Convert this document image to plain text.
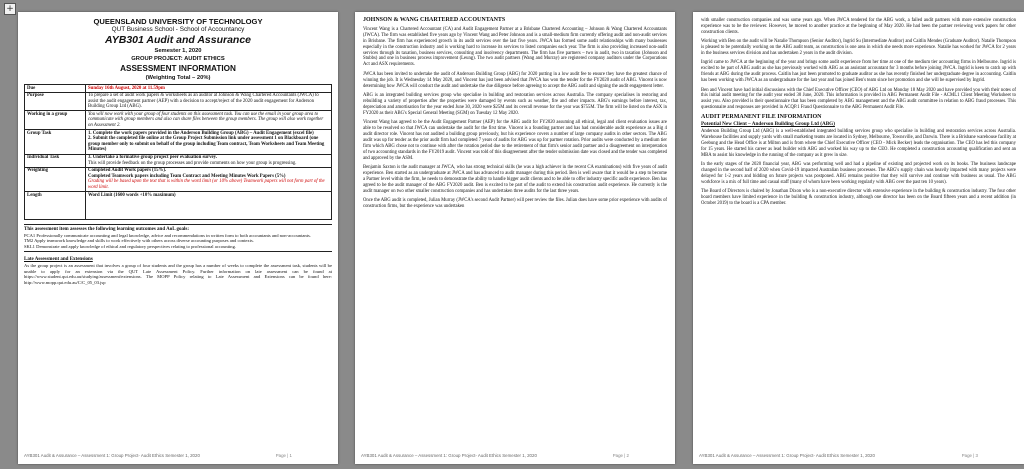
+
QUEENSLAND UNIVERSITY OF TECHNOLOGY
QUT Business School - School of Accountancy
AYB301 Audit and Assurance
Semester 1, 2020
GROUP PROJECT: AUDIT ETHICS
ASSESSMENT INFORMATION
(Weighting Total – 20%)
Due	Sunday 16th August, 2020 at 11.59pm
Purpose	To prepare a set of audit work papers & worksheets as an auditor at Johnson & Wang Chartered Accountants (JWCA) to assist the audit engagement partner (AEP) with a decision to accept/reject of the 2020 audit engagement for Anderson Building Group Ltd (ABG).
Working in a group	You will now work with your group of four students on this assessment task. You can use the email in your group area to communicate with group members and also can share files between the group members. The group will also work together on Assessment 2.
Group Task	1. Complete the work papers provided in the Anderson Building Group (ABG) – Audit Engagement (excel file)
2. Submit the completed file online at the Group Project Submission link under assessment 1 on Blackboard (one group member only to submit on behalf of the group including Team contract, Team Worksheets and Team Meeting Minutes)

Individual Task	3. Undertake a formative group project peer evaluation survey.
This will provide feedback on the group processes and provide comments on how your group is progressing.

Weighting	Completed Audit Work papers (15%).
Completed Teamwork papers including Team Contract and Meeting Minutes Work Papers (5%)
Grading will be based upon the text that is within the word limit (or 10% above) Teamwork papers will not form part of the word limit.

Length	Word Limit (1600 words +10% maximum)
This assessment item assesses the following learning outcomes and AoL goals:
PCA1 Professionally communicate accounting and legal knowledge, advice and recommendations in written form to both accountants and non-accountants.
TM2 Apply teamwork knowledge and skills to work effectively with others across diverse accounting purposes and contexts.
SKL1 Demonstrate and apply knowledge of ethical and regulatory perspectives relating to professional accounting.
Late Assessment and Extensions
As the group project is an assessment that involves a group of four students and the group has a number of weeks to complete the assessment task, students will be unable to apply for an extension via the QUT Late Assessment Policy. Further information on late assessment can be found at https://www.student.qut.edu.au/studying/assessment/extensions. The MOPP Policy relating to Late Assessment and Extensions can be found here: http://www.mopp.qut.edu.au/C/C_05_03.jsp
AYB301 Audit & Assurance – Assessment 1: Group Project- Audit Ethics Semester 1, 2020	Page | 1
JOHNSON & WANG CHARTERED ACCOUNTANTS

Vincent Wang is a Chartered Accountant (CA) and Audit Engagement Partner at a Brisbane Chartered Accounting – Johnson & Wang Chartered Accountants (JWCA). The firm was established five years ago by Vincent Wang and Peter Johnson and is a small-medium firm currently offering audit and non-audit services in Brisbane. The firm has experienced growth in its audit services over the last five years. JWCA has formed some audit relationships with many businesses especially in the construction industry and is working hard to increase its services to listed companies each year. The firm is also providing increased non-audit services through its taxation, business services, consulting and insolvency departments. The firm has five partners – two in audit, two in taxation (Johnson and Stubbs) and one in business process improvement (Leung). The two audit partners (Wang and Murray) are registered company auditors under the Corporations Act and ASX requirements.

JWCA has been invited to undertake the audit of Anderson Building Group (ABG) for 2020 putting in a low audit fee to ensure they have the greatest chance of winning the job. It is Wednesday 14 May 2020, and Vincent has just been advised that JWCA has won the tender for the FY2020 audit of ABG. Vincent is now determining how JWCA will conduct the audit and undertake the due diligence before agreeing to accept the ABG audit and signing the audit engagement letter.

ABG is an integrated building services group who specialise in building and restoration services across Australia. The company specialises in restoring and rebuilding a variety of properties after the properties were damaged by events such as weather, fire and other impacts. ABG's earnings before interest, tax, depreciation and amortisation for the year ended June 30, 2020 were $25M and its overall revenue for the year was $755M. The firm will be listed on the ASX in FY2020 as their ABG's Special General Meeting (SGM) on Tuesday 12 May 2020.

Vincent Wang has agreed to be the Audit Engagement Partner (AEP) for the ABG audit for FY2020 assuming all ethical, legal and client evaluation issues are able to be resolved so that JWCA can undertake the audit for the first time. Vincent is a founding partner and has had considerable audit experience as a Big 4 audit director role. Vincent has not audited a building group previously, but his experience covers a number of large company audits in other sectors. The ABG audit was up for tender as the prior audit firm had completed 7 years of audits for ABG was up for partner rotation. Prior audits were conducted by a medium tier firm which ABG chose not to continue with after the rotation period due to the retirement of that firm's senior audit partner and a disagreement on interpretation of two accounting standards in the FY2019 audit. Vincent was told of this disagreement after the tender submission date was closed and the tender was completed and approved by the ASM.

Benjamin Saxton is the audit manager at JWCA, who has strong technical skills (he was a high achiever in the recent CA examinations) with five years of audit experience. Ben started as an undergraduate at JWCA and has advanced to audit manager during this period. Ben is well aware that it would be a step to become a Partner level within the firm, he needs to demonstrate the ability to handle bigger audit clients and to be able to offer industry specific audit experience. Ben has agreed to be the audit manager of the ABG FY2020 audit. Ben is excited to be part of the audit to extend his construction audit experience. He currently is the audit manager on two other smaller construction companies and has undertaken three audits for the last three years.

Once the ABG audit is completed, Julian Murray (JWCA's second Audit Partner) will peer review the files. Julian does have some prior experience with audits of construction firms, but the experience was undertaken

AYB301 Audit & Assurance – Assessment 1: Group Project- Audit Ethics Semester 1, 2020	Page | 2

with smaller construction companies and was some years ago. When JWCA tendered for the ABG work, a failed audit partners with more extensive construction experience was to be the reviewer. However, he moved to another practice at the beginning of May 2020. He had been the partner reviewing work papers for other construction clients.

Working with Ben on the audit will be Natalie Thompson (Senior Auditor), Ingrid Su (Intermediate Auditor) and Caitlin Mendes (Graduate Auditor). Natalie Thompson is pleased to be potentially working on the ABG audit team, as construction is one area in which she needs more experience. Natalie has worked for JWCA for 2 years in the business services division and has undertaken 2 years in the audit division.

Ingrid came to JWCA at the beginning of the year and brings some audit experience from her time at one of the medium tier accounting firms in Melbourne. Ingrid is excited to be part of ABG audit as she has previously worked with ABG as an assistant accountant for 3 months before joining JWCA. Ingrid is keen to catch up with friends at ABG during the audit process. Caitlin has just been promoted to graduate auditor as she has recently finished her undergraduate degree in accounting. Caitlin has been working with JWCA as an undergraduate for the last year and has joined Ben's team since her promotion and she will be supervised by Ingrid.

Ben and Vincent have had initial discussions with the Chief Executive Officer (CEO) of ABG Ltd on Monday 18 May 2020 and have provided you with their notes of this initial audit meeting for the audit year ended 30 June, 2020. This information is provided in ABG Permanent Audit File - ACML1 Client Meeting Worksheet to assist you. Also provided is their questionnaire that has been completed by ABG management and the ABG audit committee in relation to ABG fraud processes. This questionnaire and responses are provided in ACQP.1 Fraud Questionnaire to the ABG Permanent Audit File.

AUDIT PERMANENT FILE INFORMATION
Potential New Client – Anderson Building Group Ltd (ABG)

Anderson Building Group Ltd (ABG) is a well-established integrated building services group who specialise in building and restoration services across Australia. Warehouse facilities and supply yards with small marketing teams are located in Sydney, Melbourne, Townsville, and Darwin. There is a Brisbane warehouse facility at Geebung and the Head Office is at Milton and is from where the Chief Executive Officer (CEO - Mick Becker) leads the organisation. The CEO has led this company for 15 years. He started his career as lead builder with ABG and worked his way up to the CEO. He completed a construction accounting qualification and sent an MBA to assist his knowledge in the running of the company as it grew in size.

In the early stages of the 2020 financial year, ABG was performing well and had a pipeline of existing and projected work on its books. The business landscape changed in the second half of 2020 when Covid-19 impacted Australian business processes. The ABG's supply chain was heavily impacted with many projects were delayed for 1-2 years and bidding on future projects was postponed. ABG remains positive that they will survive and continue with business as usual. The ABG workforce is a mix of full time and casual staff (many of whom have been working regularly with ABG over the past ten 10 years).

The Board of Directors is chaired by Jonathan Dixon who is a non-executive director with extensive experience in the building & construction industry. The four other board members have limited experience in the building & construction industry, although one director has been on the Board fifteen years and a recent addition (in October 2019) to the board is a CPA member.

AYB301 Audit & Assurance – Assessment 1: Group Project- Audit Ethics Semester 1, 2020	Page | 3
